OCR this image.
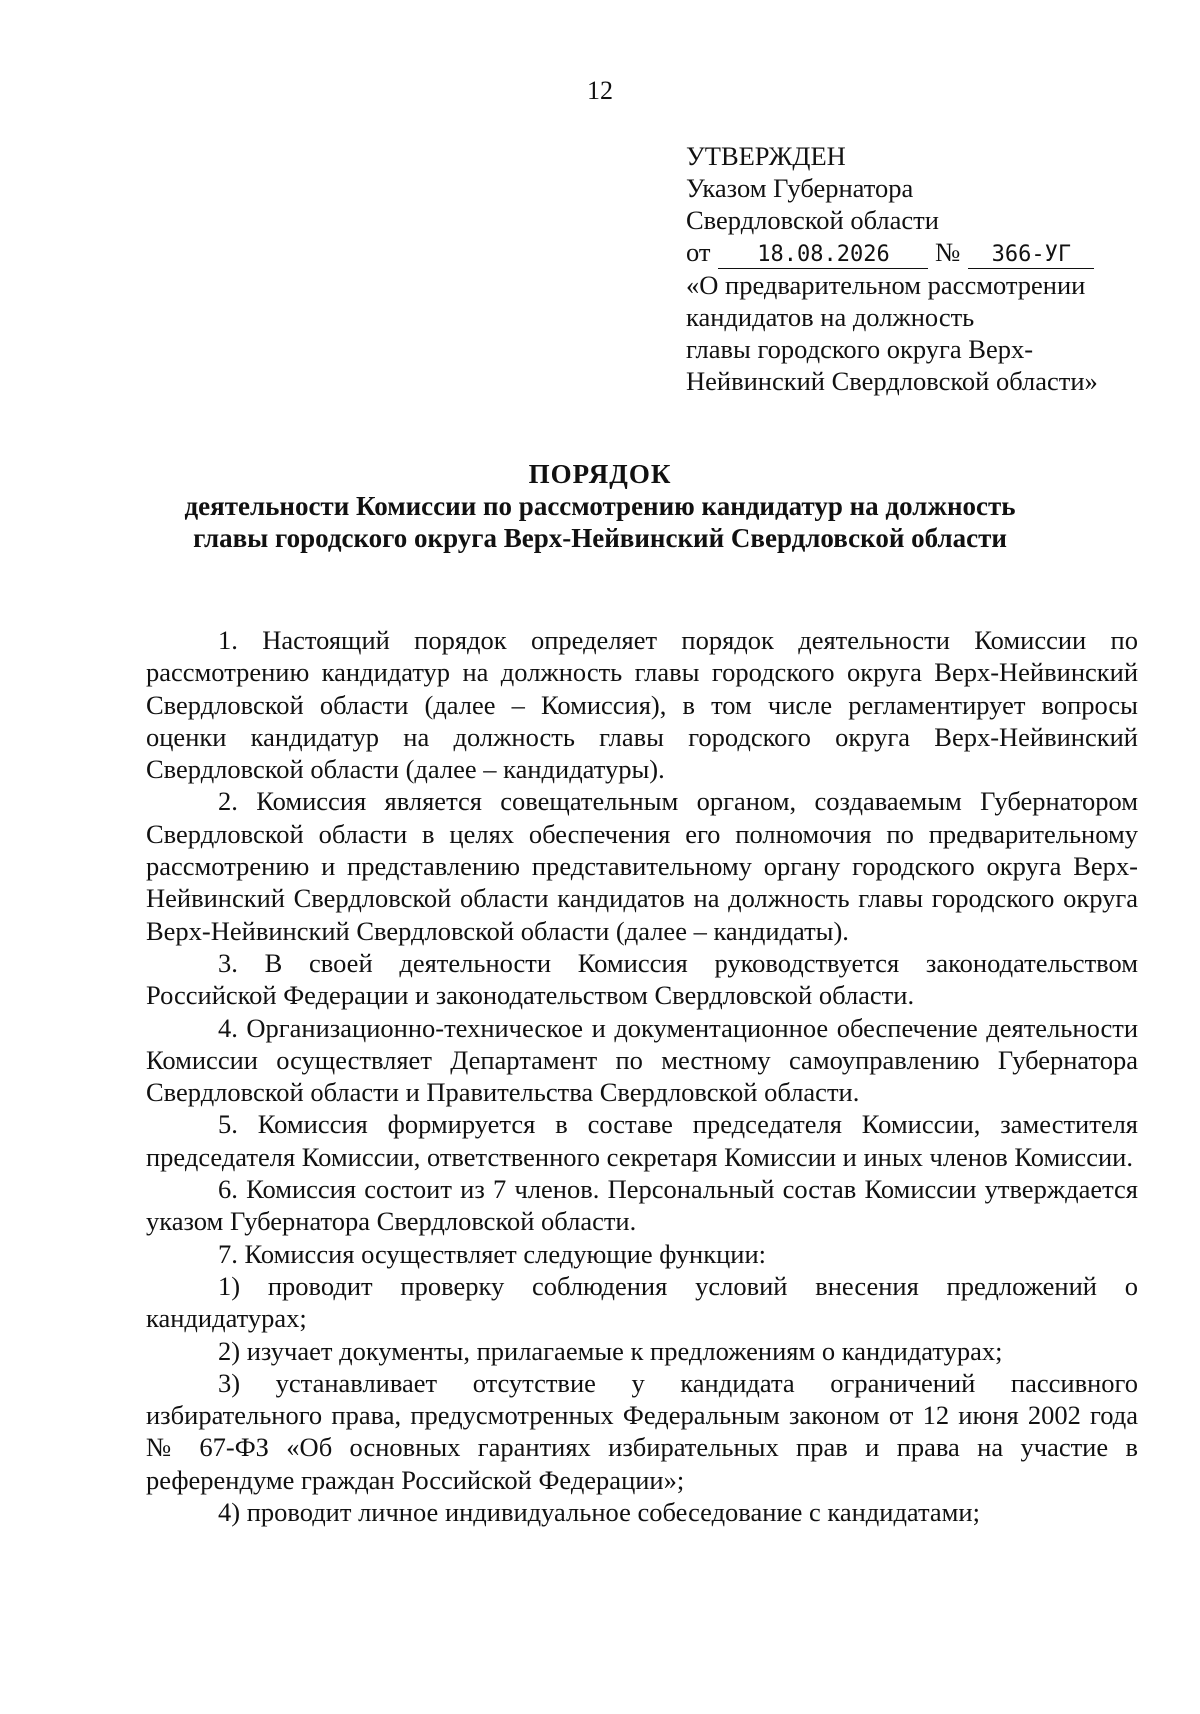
12
УТВЕРЖДЕН
Указом Губернатора
Свердловской области
от 18.08.2026 № 366-УГ
«О предварительном рассмотрении
кандидатов на должность
главы городского округа Верх-
Нейвинский Свердловской области»
ПОРЯДОК
деятельности Комиссии по рассмотрению кандидатур на должность
главы городского округа Верх-Нейвинский Свердловской области

1. Настоящий порядок определяет порядок деятельности Комиссии по рассмотрению кандидатур на должность главы городского округа Верх-Нейвинский Свердловской области (далее – Комиссия), в том числе регламентирует вопросы оценки кандидатур на должность главы городского округа Верх-Нейвинский Свердловской области (далее – кандидатуры).

2. Комиссия является совещательным органом, создаваемым Губернатором Свердловской области в целях обеспечения его полномочия по предварительному рассмотрению и представлению представительному органу городского округа Верх-Нейвинский Свердловской области кандидатов на должность главы городского округа Верх-Нейвинский Свердловской области (далее – кандидаты).

3. В своей деятельности Комиссия руководствуется законодательством Российской Федерации и законодательством Свердловской области.

4. Организационно-техническое и документационное обеспечение деятельности Комиссии осуществляет Департамент по местному самоуправлению Губернатора Свердловской области и Правительства Свердловской области.

5. Комиссия формируется в составе председателя Комиссии, заместителя председателя Комиссии, ответственного секретаря Комиссии и иных членов Комиссии.

6. Комиссия состоит из 7 членов. Персональный состав Комиссии утверждается указом Губернатора Свердловской области.

7. Комиссия осуществляет следующие функции:

1) проводит проверку соблюдения условий внесения предложений о кандидатурах;

2) изучает документы, прилагаемые к предложениям о кандидатурах;

3) устанавливает отсутствие у кандидата ограничений пассивного избирательного права, предусмотренных Федеральным законом от 12 июня 2002 года № 67-ФЗ «Об основных гарантиях избирательных прав и права на участие в референдуме граждан Российской Федерации»;

4) проводит личное индивидуальное собеседование с кандидатами;
